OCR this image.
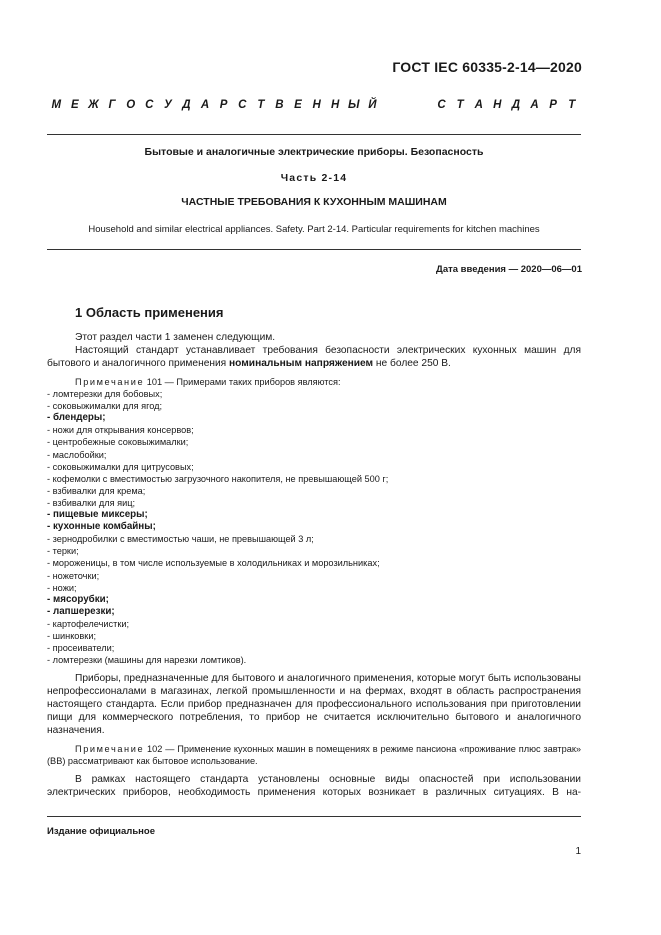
ГОСТ IEC 60335-2-14—2020
М Е Ж Г О С У Д А Р С Т В Е Н Н Ы Й	С Т А Н Д А Р Т
Бытовые и аналогичные электрические приборы. Безопасность
Часть 2-14
ЧАСТНЫЕ ТРЕБОВАНИЯ К КУХОННЫМ МАШИНАМ
Household and similar electrical appliances. Safety. Part 2-14. Particular requirements for kitchen machines
Дата введения — 2020—06—01
1 Область применения

Этот раздел части 1 заменен следующим.

Настоящий стандарт устанавливает требования безопасности электрических кухонных машин для бытового и аналогичного применения номинальным напряжением не более 250 В.

Примечание 101 — Примерами таких приборов являются:

- ломтерезки для бобовых;
- соковыжималки для ягод;
- блендеры;
- ножи для открывания консервов;
- центробежные соковыжималки;
- маслобойки;
- соковыжималки для цитрусовых;
- кофемолки с вместимостью загрузочного накопителя, не превышающей 500 г;
- взбивалки для крема;
- взбивалки для яиц;
- пищевые миксеры;
- кухонные комбайны;
- зернодробилки с вместимостью чаши, не превышающей 3 л;
- терки;
- мороженицы, в том числе используемые в холодильниках и морозильниках;
- ножеточки;
- ножи;
- мясорубки;
- лапшерезки;
- картофелечистки;
- шинковки;
- просеиватели;
- ломтерезки (машины для нарезки ломтиков).

Приборы, предназначенные для бытового и аналогичного применения, которые могут быть использованы непрофессионалами в магазинах, легкой промышленности и на фермах, входят в область распространения настоящего стандарта. Если прибор предназначен для профессионального использования при приготовлении пищи для коммерческого потребления, то прибор не считается исключительно бытового и аналогичного назначения.

Примечание 102 — Применение кухонных машин в помещениях в режиме пансиона «проживание плюс завтрак» (BB) рассматривают как бытовое использование.

В рамках настоящего стандарта установлены основные виды опасностей при использовании электрических приборов, необходимость применения которых возникает в различных ситуациях. В на-

Издание официальное
1
